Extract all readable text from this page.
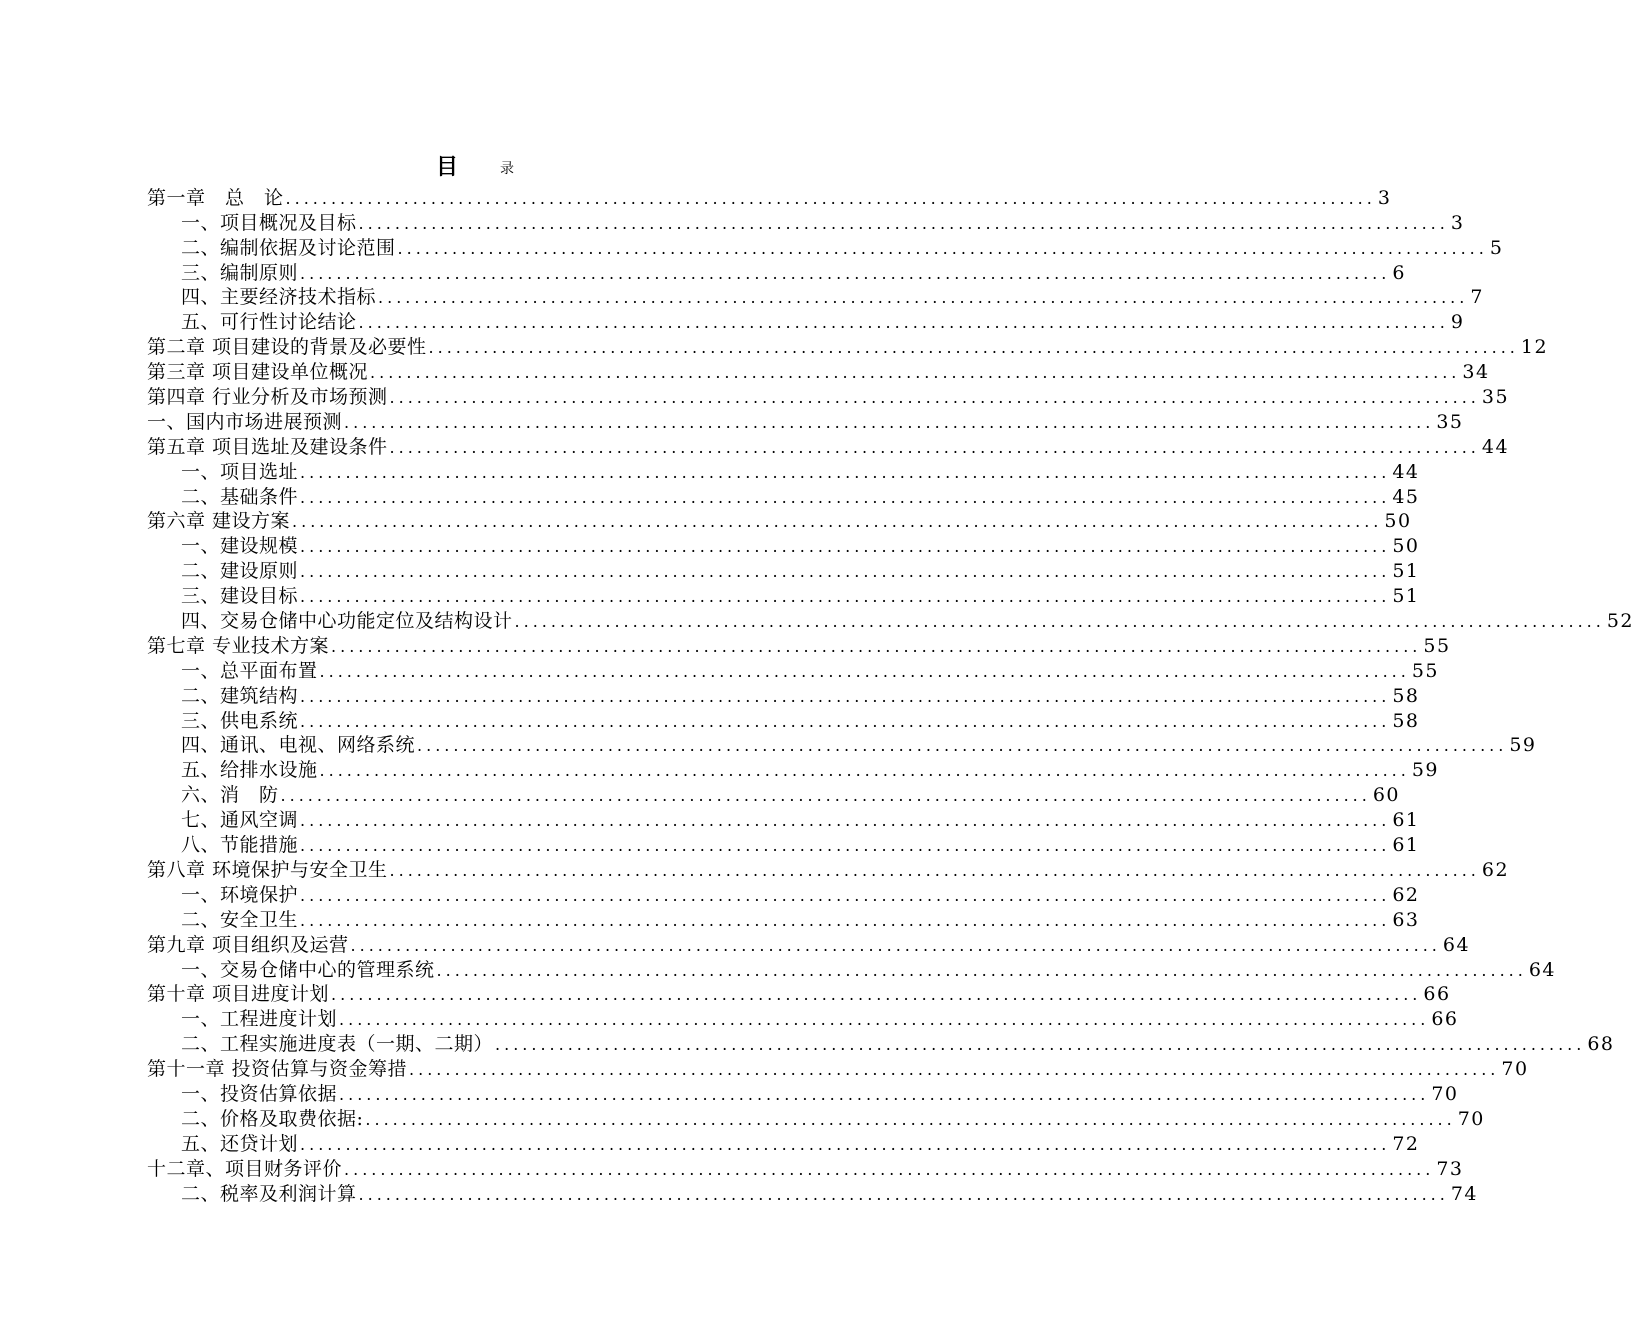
目	录
第一章　总　论 ........................................................................................................................ 3
一、项目概况及目标 ........................................................................................................................ 3
二、编制依据及讨论范围 ........................................................................................................................ 5
三、编制原则 ........................................................................................................................ 6
四、主要经济技术指标 ........................................................................................................................ 7
五、可行性讨论结论 ........................................................................................................................ 9
第二章 项目建设的背景及必要性 ........................................................................................................................ 12
第三章 项目建设单位概况 ........................................................................................................................ 34
第四章 行业分析及市场预测 ........................................................................................................................ 35
一、国内市场进展预测 ........................................................................................................................ 35
第五章 项目选址及建设条件 ........................................................................................................................ 44
一、项目选址 ........................................................................................................................ 44
二、基础条件 ........................................................................................................................ 45
第六章 建设方案 ........................................................................................................................ 50
一、建设规模 ........................................................................................................................ 50
二、建设原则 ........................................................................................................................ 51
三、建设目标 ........................................................................................................................ 51
四、交易仓储中心功能定位及结构设计 ........................................................................................................................ 52
第七章 专业技术方案 ........................................................................................................................ 55
一、总平面布置 ........................................................................................................................ 55
二、建筑结构 ........................................................................................................................ 58
三、供电系统 ........................................................................................................................ 58
四、通讯、电视、网络系统 ........................................................................................................................ 59
五、给排水设施 ........................................................................................................................ 59
六、消　防 ........................................................................................................................ 60
七、通风空调 ........................................................................................................................ 61
八、节能措施 ........................................................................................................................ 61
第八章 环境保护与安全卫生 ........................................................................................................................ 62
一、环境保护 ........................................................................................................................ 62
二、安全卫生 ........................................................................................................................ 63
第九章 项目组织及运营 ........................................................................................................................ 64
一、交易仓储中心的管理系统 ........................................................................................................................ 64
第十章 项目进度计划 ........................................................................................................................ 66
一、工程进度计划 ........................................................................................................................ 66
二、工程实施进度表（一期、二期） ........................................................................................................................ 68
第十一章 投资估算与资金筹措 ........................................................................................................................ 70
一、投资估算依据 ........................................................................................................................ 70
二、价格及取费依据: ........................................................................................................................ 70
五、还贷计划 ........................................................................................................................ 72
十二章、项目财务评价 ........................................................................................................................ 73
二、税率及利润计算 ........................................................................................................................ 74
